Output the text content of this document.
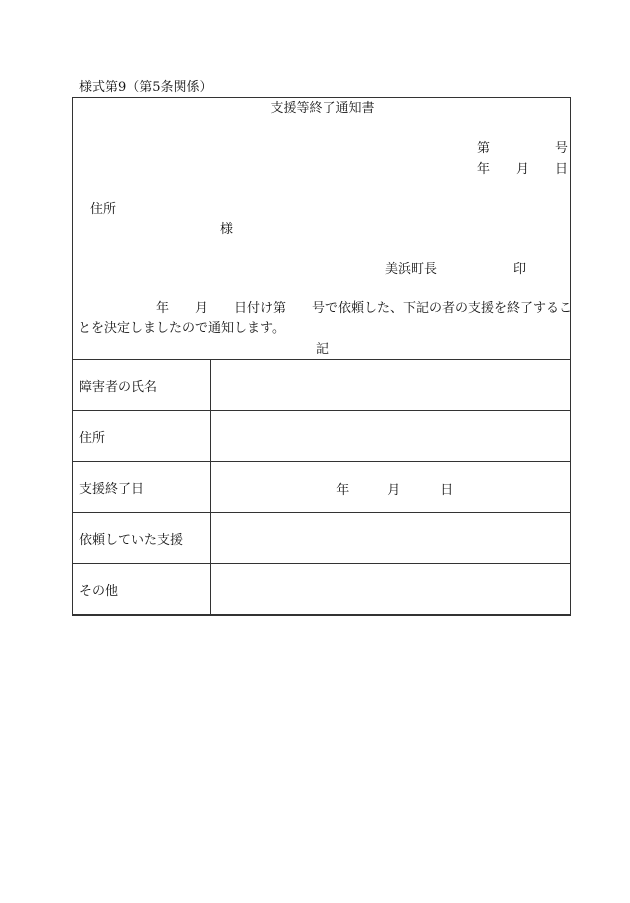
様式第9（第5条関係）
支援等終了通知書
第	号
年 月 日
住所
様
美浜町長	印
年 月 日付け第 号で依頼した、下記の者の支援を終了するこ
とを決定しましたので通知します。
記
障害者の氏名	
住所	
支援終了日	年 月 日

依頼していた支援	
その他	
